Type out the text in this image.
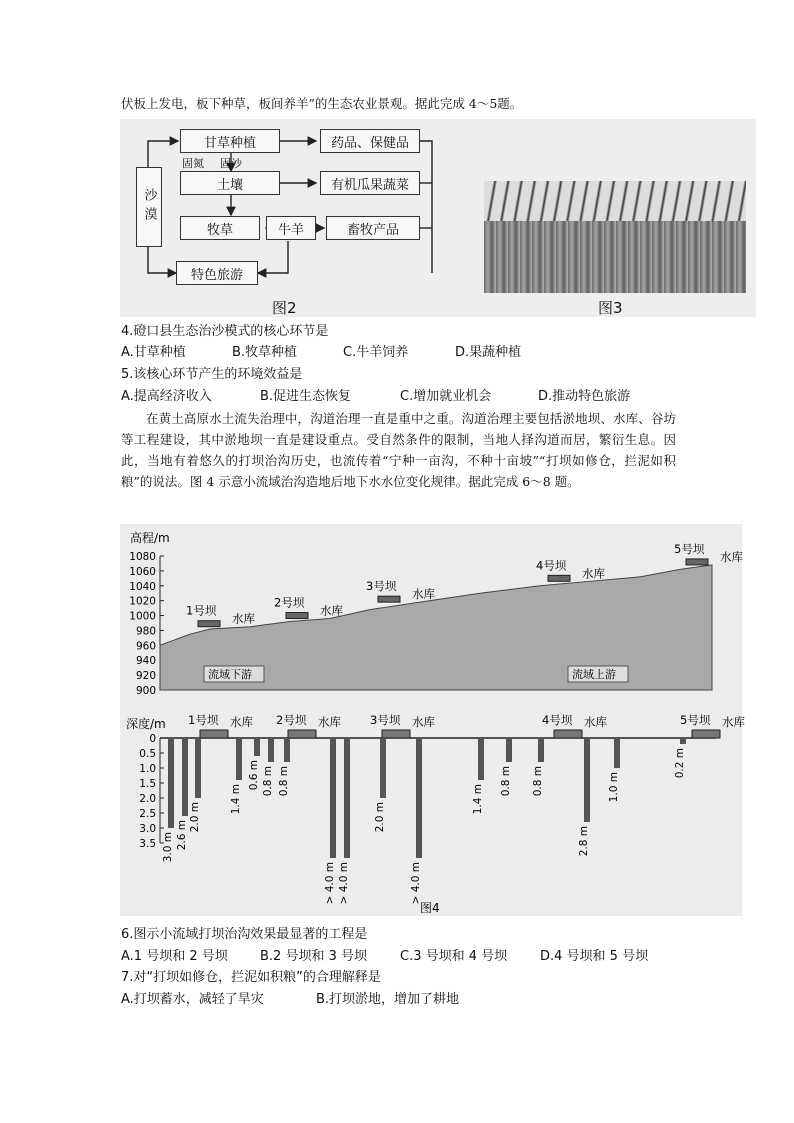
伏板上发电，板下种草，板间养羊”的生态农业景观。据此完成 4～5题。
沙漠
甘草种植
固氮 固沙
土壤
牧草	牛羊
特色旅游
药品、保健品
有机瓜果蔬菜
畜牧产品
图2	图3
4.磴口县生态治沙模式的核心环节是
A.甘草种植	B.牧草种植	C.牛羊饲养	D.果蔬种植
5.该核心环节产生的环境效益是
A.提高经济收入	B.促进生态恢复	C.增加就业机会	D.推动特色旅游
在黄土高原水土流失治理中，沟道治理一直是重中之重。沟道治理主要包括淤地坝、水库、谷坊等工程建设，其中淤地坝一直是建设重点。受自然条件的限制，当地人择沟道而居，繁衍生息。因此，当地有着悠久的打坝治沟历史，也流传着“宁种一亩沟，不种十亩坡”“打坝如修仓，拦泥如积粮”的说法。图 4 示意小流域治沟造地后地下水水位变化规律。据此完成 6～8 题。
高程/m
1080
1060
1040
1020
1000
980
960
940
920
900
1号坝
水库
2号坝
水库
3号坝
水库
4号坝
水库
5号坝
水库
流域下游	流域上游
深度/m
0
0.5
1.0
1.5
2.0
2.5
3.0
3.5
1号坝 水库 2号坝 水库	3号坝 水库	4号坝 水库	5号坝 水库
3.0 m 2.6 m
2.0 m
1.4 m
0.6 m 0.8 m 0.8 m
> 4.0 m > 4.0 m
2.0 m
> 4.0 m
1.4 m
0.8 m 0.8 m
2.8 m
1.0 m
0.2 m
图4
6.图示小流域打坝治沟效果最显著的工程是
A.1 号坝和 2 号坝 B.2 号坝和 3 号坝	C.3 号坝和 4 号坝	D.4 号坝和 5 号坝
7.对“打坝如修仓，拦泥如积粮”的合理解释是
A.打坝蓄水，减轻了旱灾	B.打坝淤地，增加了耕地
